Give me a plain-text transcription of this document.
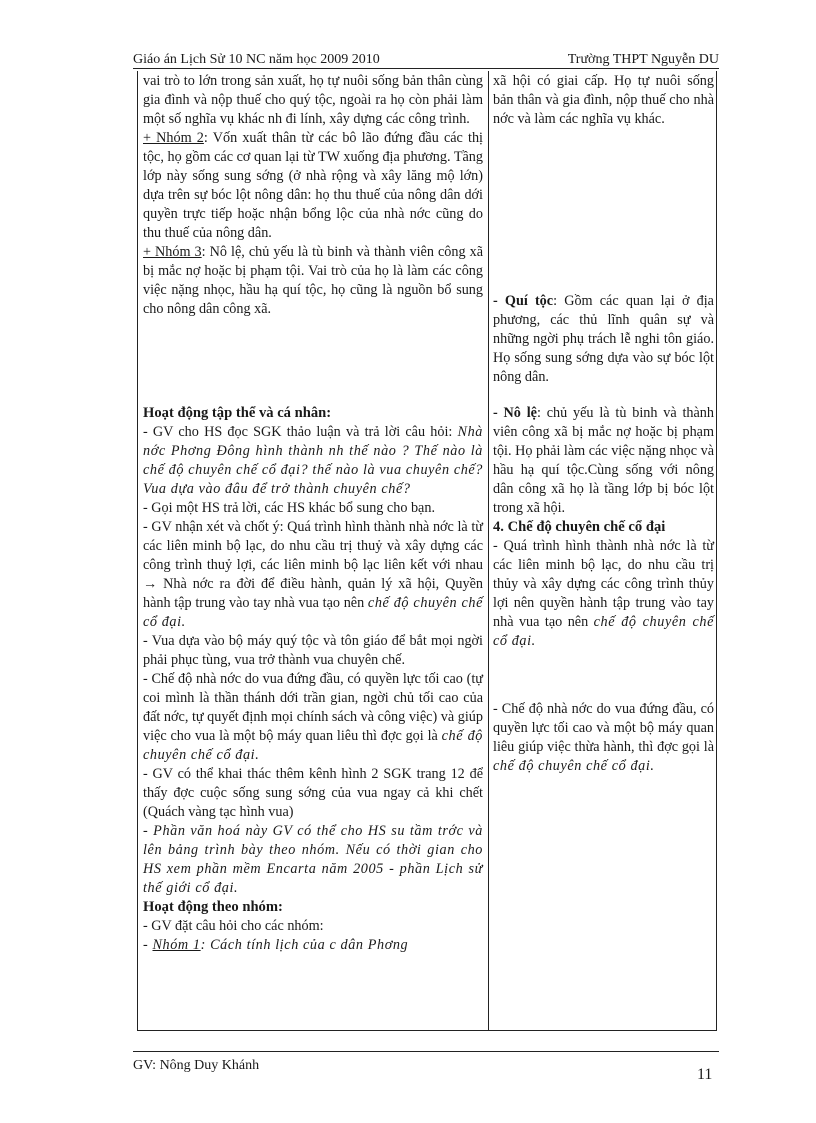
Giáo án Lịch Sử 10 NC năm học 2009 2010	Trường THPT Nguyễn DU

vai trò to lớn trong sản xuất, họ tự nuôi sống bản thân cùng gia đình và nộp thuế cho quý tộc, ngoài ra họ còn phải làm một số nghĩa vụ khác nh đi lính, xây dựng các công trình.

+ Nhóm 2: Vốn xuất thân từ các bô lão đứng đầu các thị tộc, họ gồm các cơ quan lại từ TW xuống địa phương. Tầng lớp này sống sung sớng (ở nhà rộng và xây lăng mộ lớn) dựa trên sự bóc lột nông dân: họ thu thuế của nông dân dới quyền trực tiếp hoặc nhận bổng lộc của nhà nớc cũng do thu thuế của nông dân.

+ Nhóm 3: Nô lệ, chủ yếu là tù binh và thành viên công xã bị mắc nợ hoặc bị phạm tội. Vai trò của họ là làm các công việc nặng nhọc, hầu hạ quí tộc, họ cũng là nguồn bổ sung cho nông dân công xã.

Hoạt động tập thể và cá nhân:

- GV cho HS đọc SGK thảo luận và trả lời câu hỏi: Nhà nớc Phơng Đông hình thành nh thế nào ? Thế nào là chế độ chuyên chế cổ đại? thế nào là vua chuyên chế? Vua dựa vào đâu để trở thành chuyên chế?

- Gọi một HS trả lời, các HS khác bổ sung cho bạn.

- GV nhận xét và chốt ý: Quá trình hình thành nhà nớc là từ các liên minh bộ lạc, do nhu cầu trị thuỷ và xây dựng các công trình thuỷ lợi, các liên minh bộ lạc liên kết với nhau → Nhà nớc ra đời để điều hành, quản lý xã hội, Quyền hành tập trung vào tay nhà vua tạo nên chế độ chuyên chế cổ đại.

- Vua dựa vào bộ máy quý tộc và tôn giáo để bắt mọi ngời phải phục tùng, vua trở thành vua chuyên chế.

- Chế độ nhà nớc do vua đứng đầu, có quyền lực tối cao (tự coi mình là thần thánh dới trần gian, ngời chủ tối cao của đất nớc, tự quyết định mọi chính sách và công việc) và giúp việc cho vua là một bộ máy quan liêu thì đợc gọi là chế độ chuyên chế cổ đại.

- GV có thể khai thác thêm kênh hình 2 SGK trang 12 để thấy đợc cuộc sống sung sớng của vua ngay cả khi chết (Quách vàng tạc hình vua)

- Phần văn hoá này GV có thể cho HS su tầm trớc và lên bảng trình bày theo nhóm. Nếu có thời gian cho HS xem phần mềm Encarta năm 2005 - phần Lịch sử thế giới cổ đại.

Hoạt động theo nhóm:

- GV đặt câu hỏi cho các nhóm:

- Nhóm 1: Cách tính lịch của c dân Phơng

xã hội có giai cấp. Họ tự nuôi sống bản thân và gia đình, nộp thuế cho nhà nớc và làm các nghĩa vụ khác.

- Quí tộc: Gồm các quan lại ở địa phương, các thủ lĩnh quân sự và những ngời phụ trách lễ nghi tôn giáo. Họ sống sung sớng dựa vào sự bóc lột nông dân.

- Nô lệ: chủ yếu là tù binh và thành viên công xã bị mắc nợ hoặc bị phạm tội. Họ phải làm các việc nặng nhọc và hầu hạ quí tộc.Cùng sống với nông dân công xã họ là tầng lớp bị bóc lột trong xã hội.

4. Chế độ chuyên chế cổ đại

- Quá trình hình thành nhà nớc là từ các liên minh bộ lạc, do nhu cầu trị thủy và xây dựng các công trình thủy lợi nên quyền hành tập trung vào tay nhà vua tạo nên chế độ chuyên chế cổ đại.

- Chế độ nhà nớc do vua đứng đầu, có quyền lực tối cao và một bộ máy quan liêu giúp việc thừa hành, thì đợc gọi là chế độ chuyên chế cổ đại.

GV: Nông Duy Khánh
11
